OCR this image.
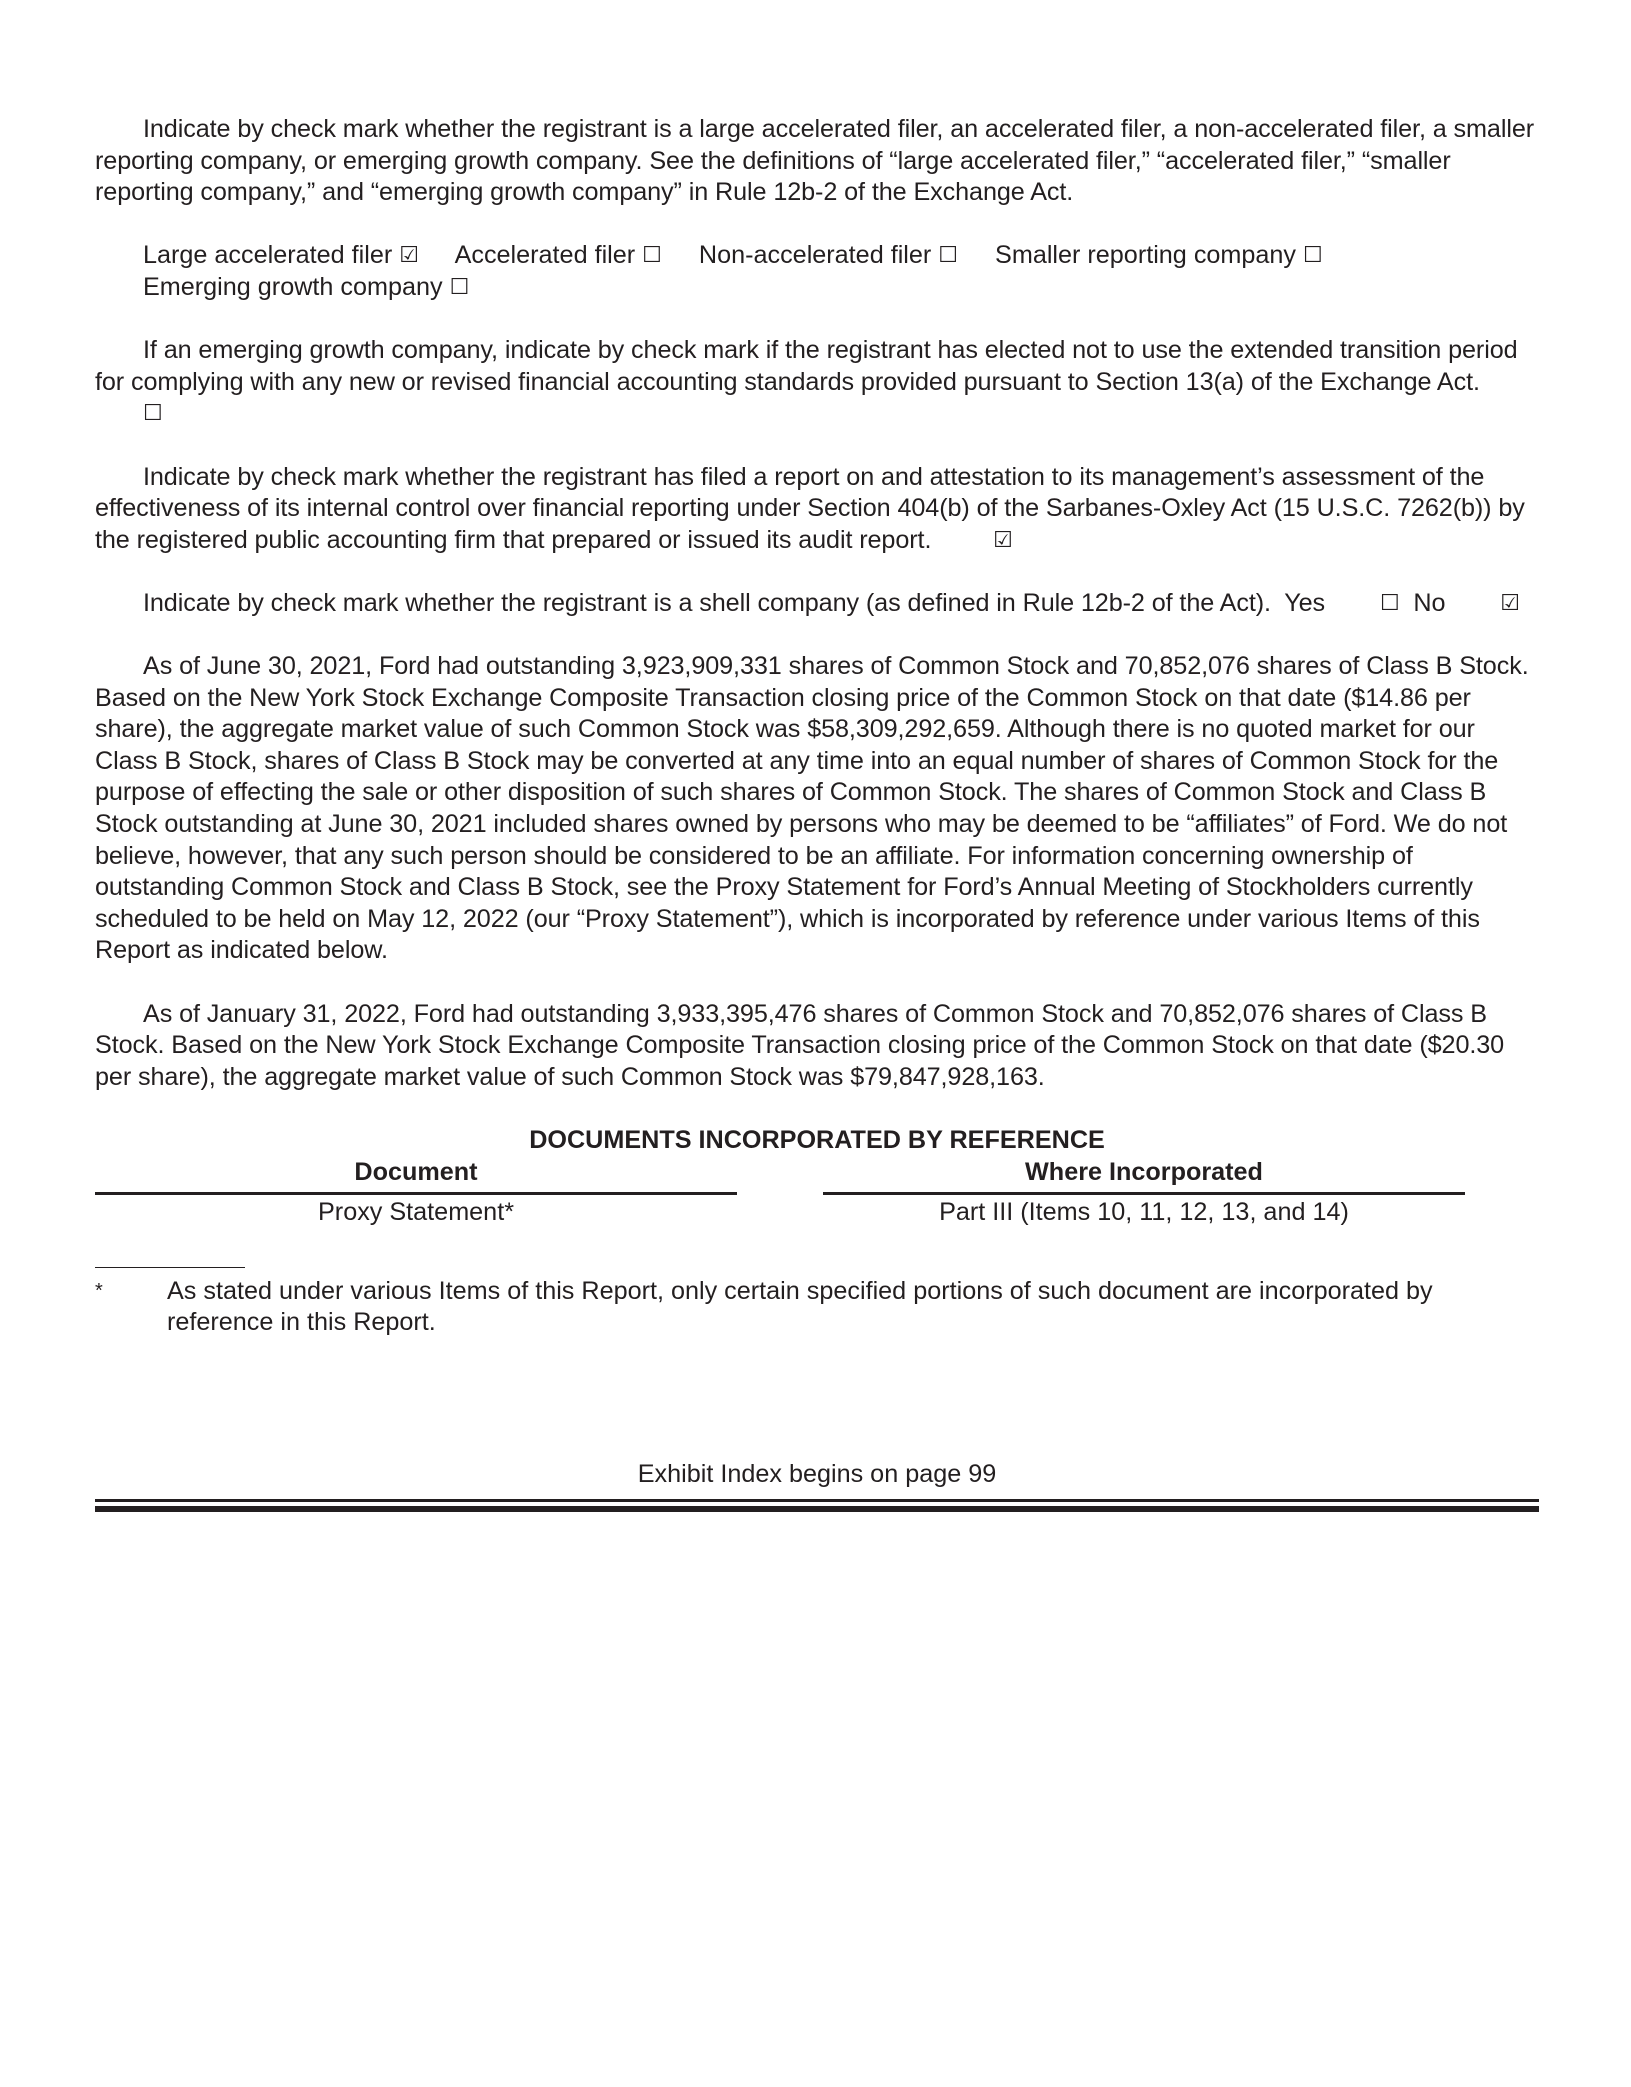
Indicate by check mark whether the registrant is a large accelerated filer, an accelerated filer, a non-accelerated filer, a smaller reporting company, or emerging growth company. See the definitions of “large accelerated filer,” “accelerated filer,” “smaller reporting company,” and “emerging growth company” in Rule 12b-2 of the Exchange Act.

Large accelerated filer ☑ Accelerated filer ☐ Non-accelerated filer ☐ Smaller reporting company ☐
Emerging growth company ☐

If an emerging growth company, indicate by check mark if the registrant has elected not to use the extended transition period for complying with any new or revised financial accounting standards provided pursuant to Section 13(a) of the Exchange Act.  ☐

Indicate by check mark whether the registrant has filed a report on and attestation to its management’s assessment of the effectiveness of its internal control over financial reporting under Section 404(b) of the Sarbanes-Oxley Act (15 U.S.C. 7262(b)) by the registered public accounting firm that prepared or issued its audit report.	☑

Indicate by check mark whether the registrant is a shell company (as defined in Rule 12b-2 of the Act). Yes ☐ No ☑

As of June 30, 2021, Ford had outstanding 3,923,909,331 shares of Common Stock and 70,852,076 shares of Class B Stock. Based on the New York Stock Exchange Composite Transaction closing price of the Common Stock on that date ($14.86 per share), the aggregate market value of such Common Stock was $58,309,292,659. Although there is no quoted market for our Class B Stock, shares of Class B Stock may be converted at any time into an equal number of shares of Common Stock for the purpose of effecting the sale or other disposition of such shares of Common Stock. The shares of Common Stock and Class B Stock outstanding at June 30, 2021 included shares owned by persons who may be deemed to be “affiliates” of Ford. We do not believe, however, that any such person should be considered to be an affiliate. For information concerning ownership of outstanding Common Stock and Class B Stock, see the Proxy Statement for Ford’s Annual Meeting of Stockholders currently scheduled to be held on May 12, 2022 (our “Proxy Statement”), which is incorporated by reference under various Items of this Report as indicated below.

As of January 31, 2022, Ford had outstanding 3,933,395,476 shares of Common Stock and 70,852,076 shares of Class B Stock. Based on the New York Stock Exchange Composite Transaction closing price of the Common Stock on that date ($20.30 per share), the aggregate market value of such Common Stock was $79,847,928,163.

DOCUMENTS INCORPORATED BY REFERENCE
Document	Where Incorporated
Proxy Statement*	Part III (Items 10, 11, 12, 13, and 14)
*	As stated under various Items of this Report, only certain specified portions of such document are incorporated by reference in this Report.
Exhibit Index begins on page 99
